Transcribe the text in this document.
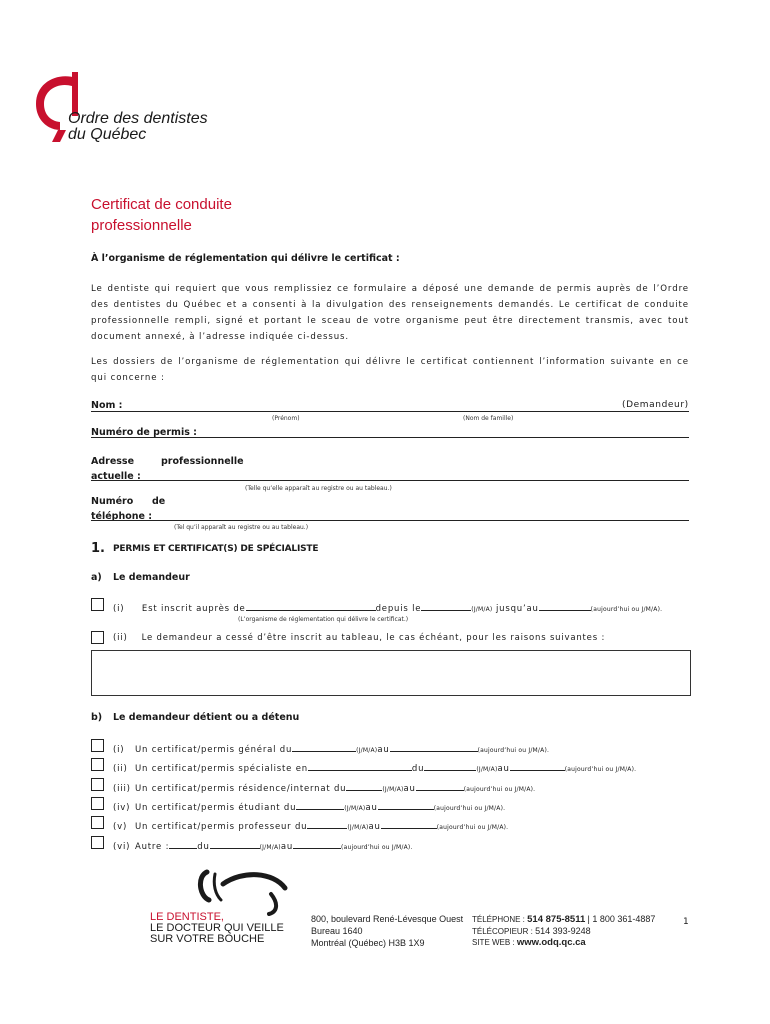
Ordre des dentistes
du Québec
Certificat de conduite
professionnelle
À l’organisme de réglementation qui délivre le certificat :
Le dentiste qui requiert que vous remplissiez ce formulaire a déposé une demande de permis auprès de l’Ordre des dentistes du Québec et a consenti à la divulgation des renseignements demandés. Le certificat de conduite professionnelle rempli, signé et portant le sceau de votre organisme peut être directement transmis, avec tout document annexé, à l’adresse indiquée ci-dessus.
Les dossiers de l’organisme de réglementation qui délivre le certificat contiennent l’information suivante en ce qui concerne :
Nom :	(Demandeur)
(Prénom)	(Nom de famille)
Numéro de permis :
Adresse	professionnelle
actuelle :
(Telle qu’elle apparaît au registre ou au tableau.)
Numéro de
téléphone :
(Tel qu’il apparaît au registre ou au tableau.)
1. PERMIS ET CERTIFICAT(S) DE SPÉCIALISTE
a) Le demandeur
(i) Est inscrit auprès de	depuis le	(J/M/A) jusqu’au	(aujourd’hui ou J/M/A).
(L’organisme de réglementation qui délivre le certificat.)
(ii) Le demandeur a cessé d’être inscrit au tableau, le cas échéant, pour les raisons suivantes :
b) Le demandeur détient ou a détenu
(i) Un certificat/permis général du	(J/M/A)au	(aujourd’hui ou J/M/A).
(ii) Un certificat/permis spécialiste en	du	(J/M/A)au	(aujourd’hui ou J/M/A).
(iii) Un certificat/permis résidence/internat du	(J/M/A)au	(aujourd’hui ou J/M/A).
(iv) Un certificat/permis étudiant du	(J/M/A)au	(aujourd’hui ou J/M/A).
(v) Un certificat/permis professeur du	(J/M/A)au	(aujourd’hui ou J/M/A).
(vi) Autre :	du	(J/M/A)au	(aujourd’hui ou J/M/A).
LE DENTISTE,
LE DOCTEUR QUI VEILLE
SUR VOTRE BOUCHE
800, boulevard René-Lévesque Ouest
Bureau 1640
Montréal (Québec) H3B 1X9
TÉLÉPHONE : 514 875-8511 | 1 800 361-4887
TÉLÉCOPIEUR : 514 393-9248
SITE WEB : www.odq.qc.ca
1
